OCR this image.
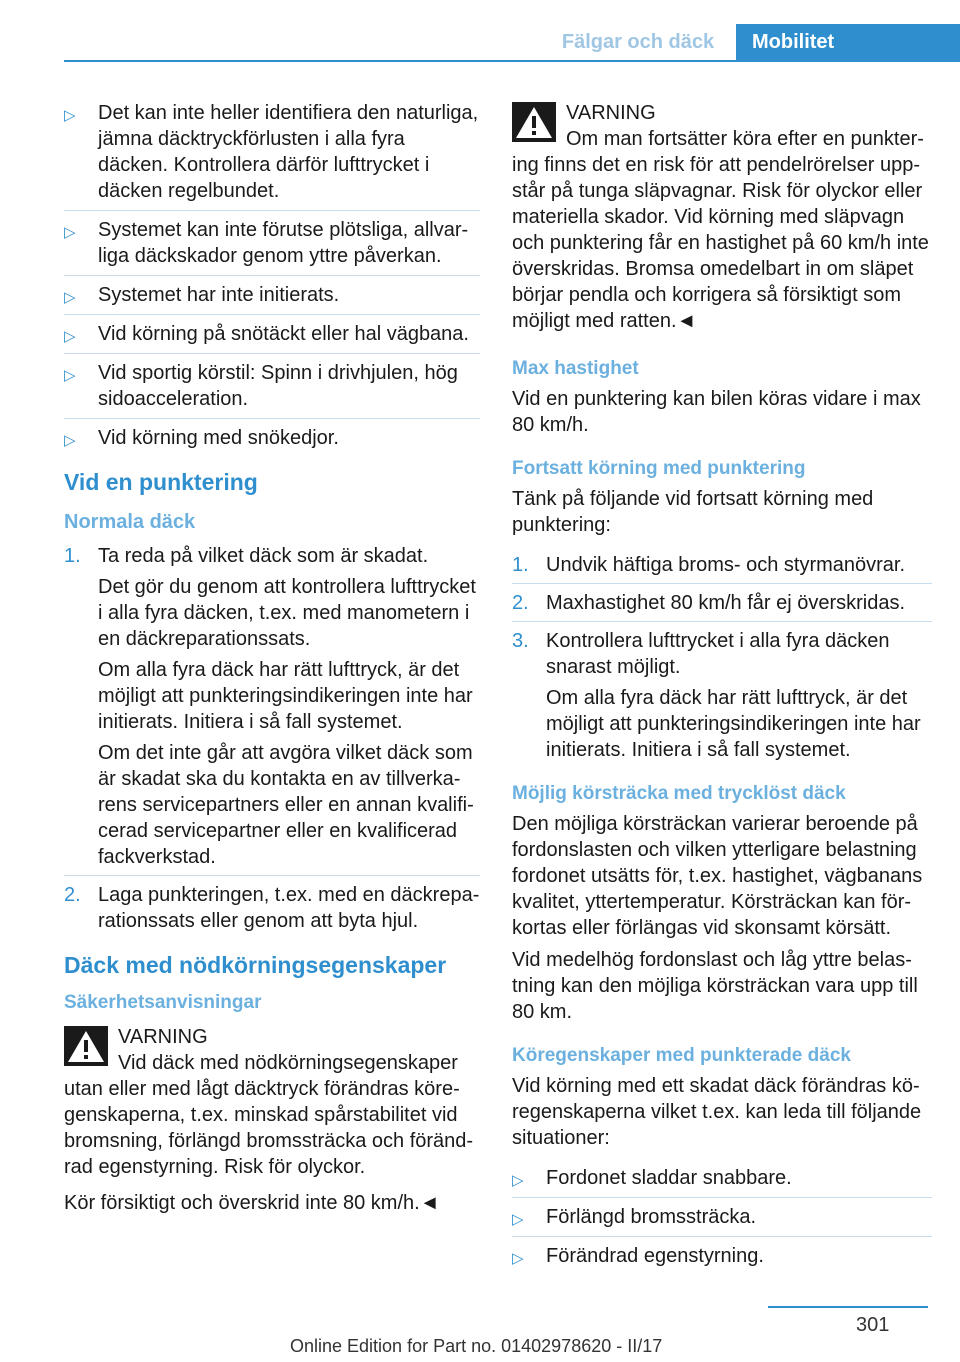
Fälgar och däck	Mobilitet
▷ Det kan inte heller identifiera den naturliga, jämna däcktryckförlusten i alla fyra däcken. Kontrollera därför lufttrycket i däcken regelbundet.
▷ Systemet kan inte förutse plötsliga, allvarliga däckskador genom yttre påverkan.
▷ Systemet har inte initierats.
▷ Vid körning på snötäckt eller hal vägbana.
▷ Vid sportig körstil: Spinn i drivhjulen, hög sidoacceleration.
▷ Vid körning med snökedjor.
Vid en punktering
Normala däck
1. Ta reda på vilket däck som är skadat.

Det gör du genom att kontrollera lufttrycket i alla fyra däcken, t.ex. med manometern i en däckreparationssats.

Om alla fyra däck har rätt lufttryck, är det möjligt att punkteringsindikeringen inte har initierats. Initiera i så fall systemet.

Om det inte går att avgöra vilket däck som är skadat ska du kontakta en av tillverkarens servicepartners eller en annan kvalificerad servicepartner eller en kvalificerad fackverkstad.

2. Laga punkteringen, t.ex. med en däckreparationssats eller genom att byta hjul.

Däck med nödkörningsegenskaper
Säkerhetsanvisningar
VARNING
Vid däck med nödkörningsegenskaper utan eller med lågt däcktryck förändras köregenskaperna, t.ex. minskad spårstabilitet vid bromsning, förlängd bromssträcka och förändrad egenstyrning. Risk för olyckor.

Kör försiktigt och överskrid inte 80 km/h.◄

VARNING
Om man fortsätter köra efter en punktering finns det en risk för att pendelrörelser uppstår på tunga släpvagnar. Risk för olyckor eller materiella skador. Vid körning med släpvagn och punktering får en hastighet på 60 km/h inte överskridas. Bromsa omedelbart in om släpet börjar pendla och korrigera så försiktigt som möjligt med ratten.◄
Max hastighet

Vid en punktering kan bilen köras vidare i max 80 km/h.

Fortsatt körning med punktering

Tänk på följande vid fortsatt körning med punktering:

1. Undvik häftiga broms- och styrmanövrar.

2. Maxhastighet 80 km/h får ej överskridas.

3. Kontrollera lufttrycket i alla fyra däcken snarast möjligt.

Om alla fyra däck har rätt lufttryck, är det möjligt att punkteringsindikeringen inte har initierats. Initiera i så fall systemet.

Möjlig körsträcka med trycklöst däck

Den möjliga körsträckan varierar beroende på fordonslasten och vilken ytterligare belastning fordonet utsätts för, t.ex. hastighet, vägbanans kvalitet, yttertemperatur. Körsträckan kan förkortas eller förlängas vid skonsamt körsätt.

Vid medelhög fordonslast och låg yttre belastning kan den möjliga körsträckan vara upp till 80 km.

Köregenskaper med punkterade däck

Vid körning med ett skadat däck förändras köregenskaperna vilket t.ex. kan leda till följande situationer:

▷ Fordonet sladdar snabbare.
▷ Förlängd bromssträcka.
▷ Förändrad egenstyrning.
301
Online Edition for Part no. 01402978620 - II/17
